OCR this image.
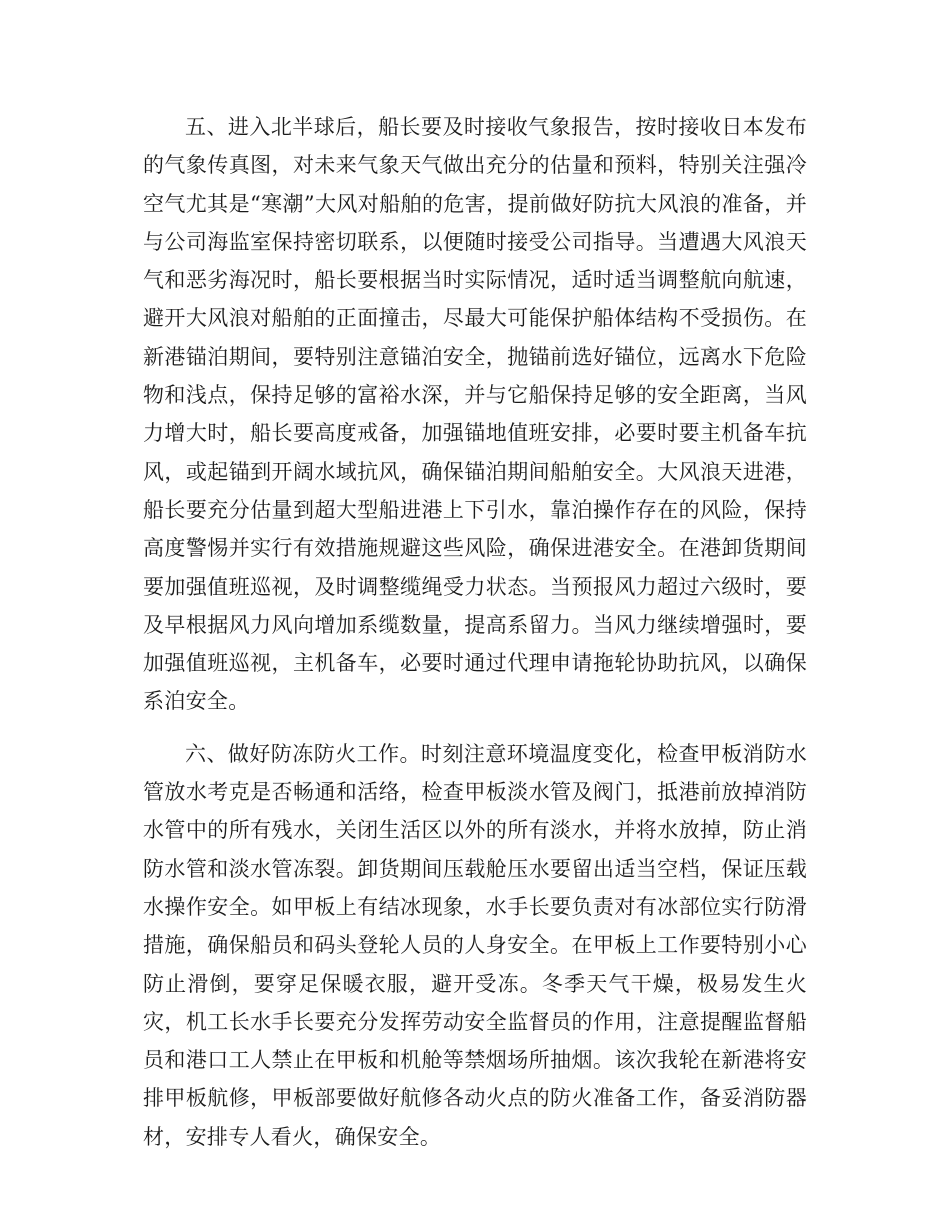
五、进入北半球后，船长要及时接收气象报告，按时接收日本发布的气象传真图，对未来气象天气做出充分的估量和预料，特别关注强冷空气尤其是“寒潮”大风对船舶的危害，提前做好防抗大风浪的准备，并与公司海监室保持密切联系，以便随时接受公司指导。当遭遇大风浪天气和恶劣海况时，船长要根据当时实际情况，适时适当调整航向航速，避开大风浪对船舶的正面撞击，尽最大可能保护船体结构不受损伤。在新港锚泊期间，要特别注意锚泊安全，抛锚前选好锚位，远离水下危险物和浅点，保持足够的富裕水深，并与它船保持足够的安全距离，当风力增大时，船长要高度戒备，加强锚地值班安排，必要时要主机备车抗风，或起锚到开阔水域抗风，确保锚泊期间船舶安全。大风浪天进港，船长要充分估量到超大型船进港上下引水，靠泊操作存在的风险，保持高度警惕并实行有效措施规避这些风险，确保进港安全。在港卸货期间要加强值班巡视，及时调整缆绳受力状态。当预报风力超过六级时，要及早根据风力风向增加系缆数量，提高系留力。当风力继续增强时，要加强值班巡视，主机备车，必要时通过代理申请拖轮协助抗风，以确保系泊安全。

六、做好防冻防火工作。时刻注意环境温度变化，检查甲板消防水管放水考克是否畅通和活络，检查甲板淡水管及阀门，抵港前放掉消防水管中的所有残水，关闭生活区以外的所有淡水，并将水放掉，防止消防水管和淡水管冻裂。卸货期间压载舱压水要留出适当空档，保证压载水操作安全。如甲板上有结冰现象，水手长要负责对有冰部位实行防滑措施，确保船员和码头登轮人员的人身安全。在甲板上工作要特别小心防止滑倒，要穿足保暖衣服，避开受冻。冬季天气干燥，极易发生火灾，机工长水手长要充分发挥劳动安全监督员的作用，注意提醒监督船员和港口工人禁止在甲板和机舱等禁烟场所抽烟。该次我轮在新港将安排甲板航修，甲板部要做好航修各动火点的防火准备工作，备妥消防器材，安排专人看火，确保安全。
